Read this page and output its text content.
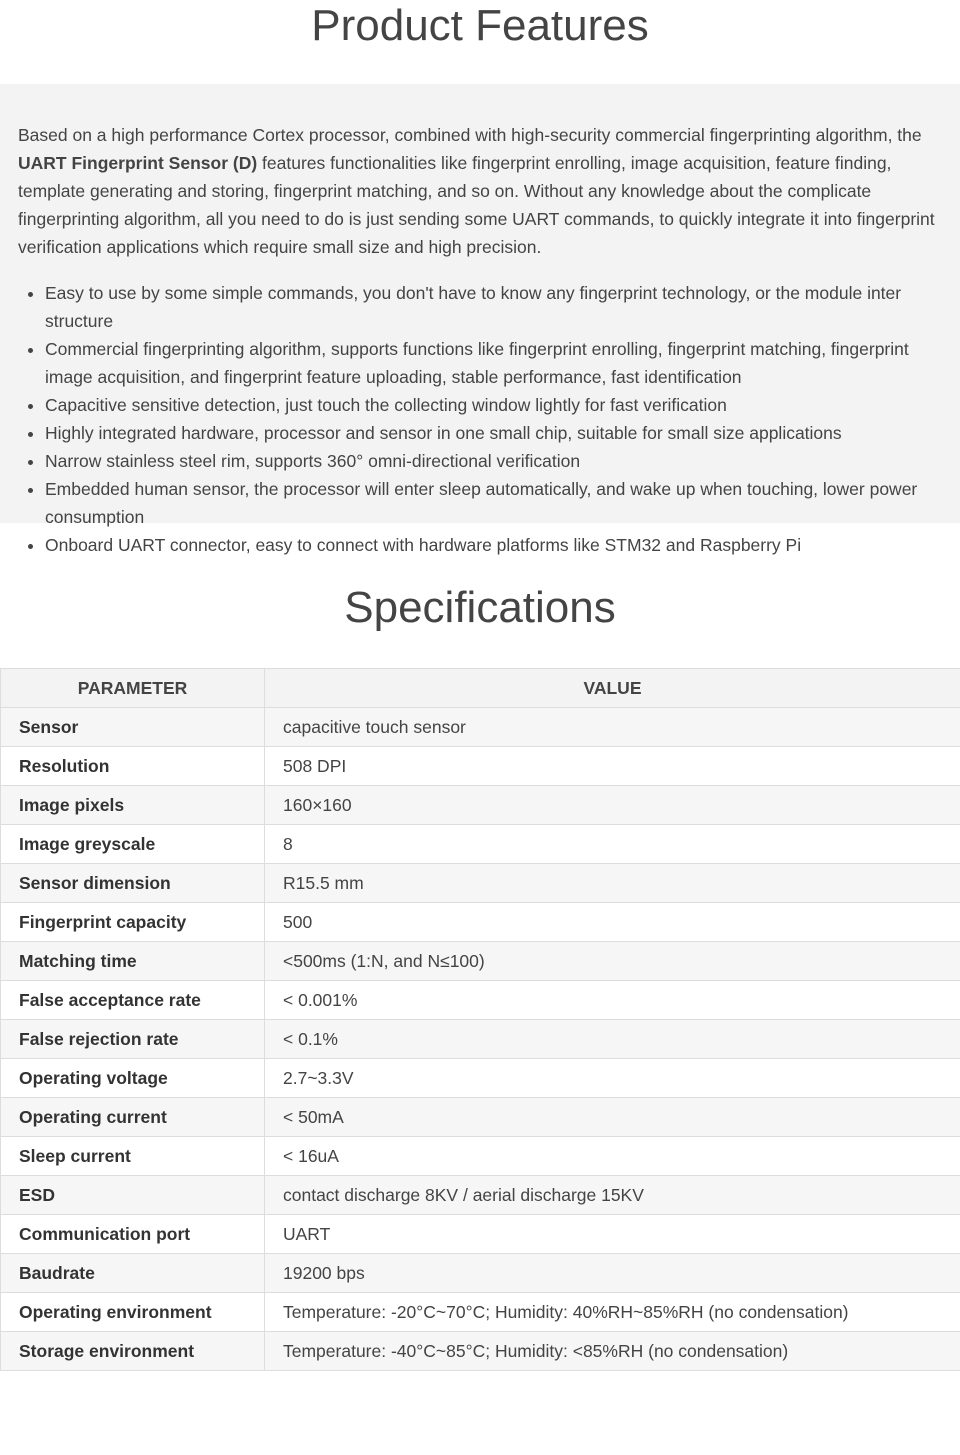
Product Features

Based on a high performance Cortex processor, combined with high-security commercial fingerprinting algorithm, the UART Fingerprint Sensor (D) features functionalities like fingerprint enrolling, image acquisition, feature finding, template generating and storing, fingerprint matching, and so on. Without any knowledge about the complicate fingerprinting algorithm, all you need to do is just sending some UART commands, to quickly integrate it into fingerprint verification applications which require small size and high precision.

• Easy to use by some simple commands, you don't have to know any fingerprint technology, or the module inter structure
• Commercial fingerprinting algorithm, supports functions like fingerprint enrolling, fingerprint matching, fingerprint image acquisition, and fingerprint feature uploading, stable performance, fast identification
• Capacitive sensitive detection, just touch the collecting window lightly for fast verification
• Highly integrated hardware, processor and sensor in one small chip, suitable for small size applications
• Narrow stainless steel rim, supports 360° omni-directional verification
• Embedded human sensor, the processor will enter sleep automatically, and wake up when touching, lower power consumption
• Onboard UART connector, easy to connect with hardware platforms like STM32 and Raspberry Pi
Specifications
PARAMETER	VALUE
Sensor	capacitive touch sensor
Resolution	508 DPI
Image pixels	160×160
Image greyscale	8
Sensor dimension	R15.5 mm
Fingerprint capacity	500
Matching time	<500ms (1:N, and N≤100)
False acceptance rate	< 0.001%
False rejection rate	< 0.1%
Operating voltage	2.7~3.3V
Operating current	< 50mA
Sleep current	< 16uA
ESD	contact discharge 8KV / aerial discharge 15KV
Communication port	UART
Baudrate	19200 bps
Operating environment	Temperature: -20°C~70°C; Humidity: 40%RH~85%RH (no condensation)
Storage environment	Temperature: -40°C~85°C; Humidity: <85%RH (no condensation)
